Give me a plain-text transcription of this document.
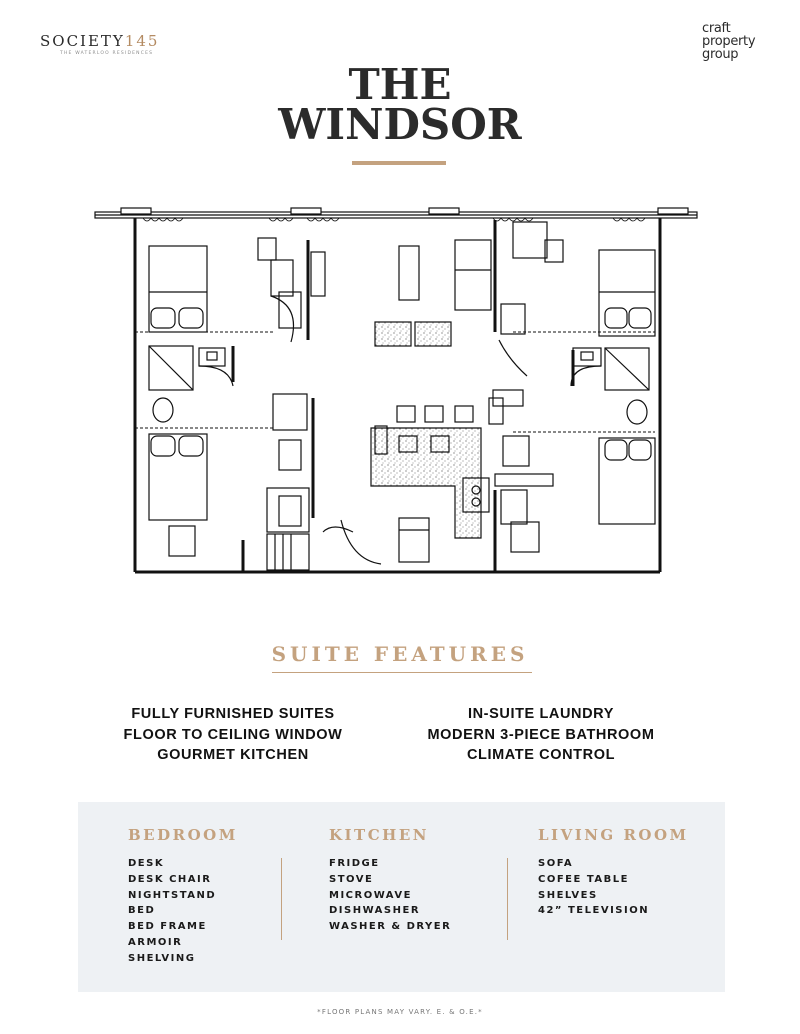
SOCIETY145
THE WATERLOO RESIDENCES
craft
property
group
THE
WINDSOR
SUITE FEATURES
FULLY FURNISHED SUITES
FLOOR TO CEILING WINDOW
GOURMET KITCHEN
IN-SUITE LAUNDRY
MODERN 3-PIECE BATHROOM
CLIMATE CONTROL
BEDROOM
DESK
DESK CHAIR
NIGHTSTAND
BED
BED FRAME
ARMOIR
SHELVING
KITCHEN
FRIDGE
STOVE
MICROWAVE
DISHWASHER
WASHER & DRYER
LIVING ROOM
SOFA
COFEE TABLE
SHELVES
42” TELEVISION
*FLOOR PLANS MAY VARY. E. & O.E.*
